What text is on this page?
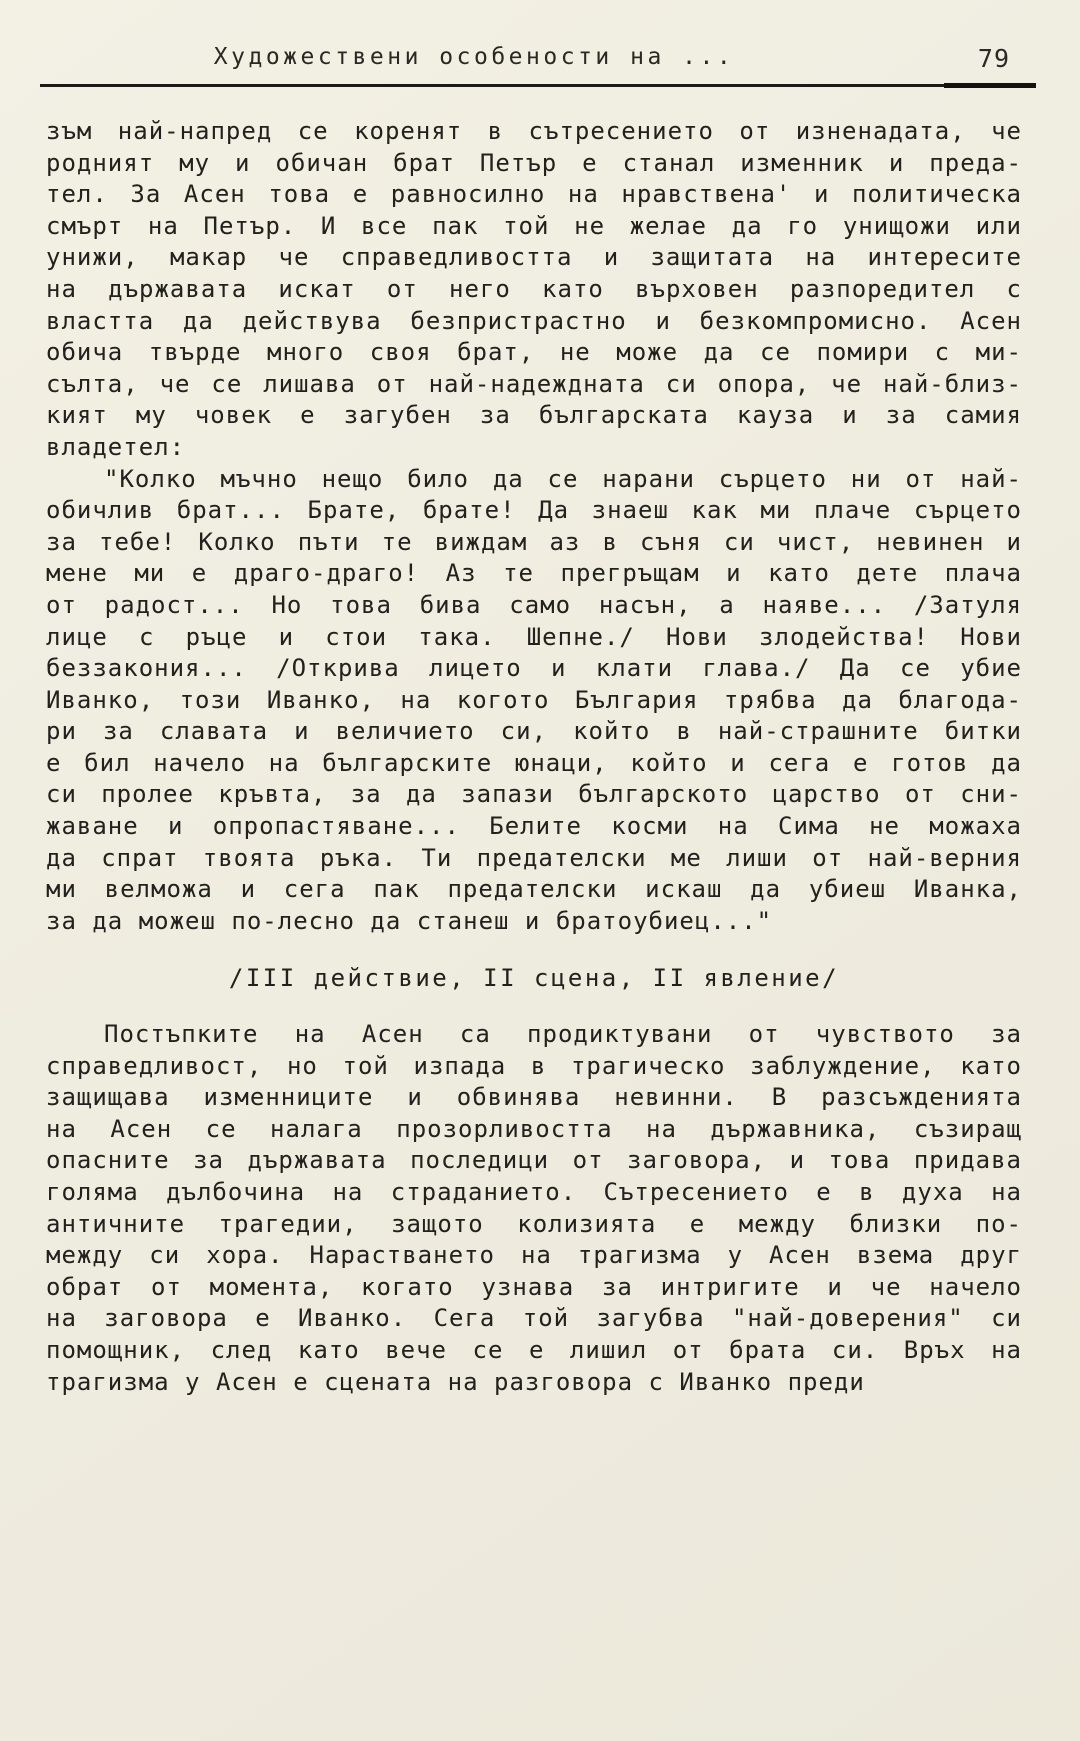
Художествени особености на ...	79
зъм най-напред се коренят в сътресението от изненадата, че
родният му и обичан брат Петър е станал изменник и преда-
тел. За Асен това е равносилно на нравствена' и политическа
смърт на Петър. И все пак той не желае да го унищожи или
унижи, макар че справедливостта и защитата на интересите
на държавата искат от него като върховен разпоредител с
властта да действува безпристрастно и безкомпромисно. Асен
обича твърде много своя брат, не може да се помири с ми-
сълта, че се лишава от най-надеждната си опора, че най-близ-
кият му човек е загубен за българската кауза и за самия
владетел:
"Колко мъчно нещо било да се нарани сърцето ни от най-
обичлив брат... Брате, брате! Да знаеш как ми плаче сърцето
за тебе! Колко пъти те виждам аз в съня си чист, невинен и
мене ми е драго-драго! Аз те прегръщам и като дете плача
от радост... Но това бива само насън, а наяве... /Затуля
лице с ръце и стои така. Шепне./ Нови злодейства! Нови
беззакония... /Открива лицето и клати глава./ Да се убие
Иванко, този Иванко, на когото България трябва да благода-
ри за славата и величието си, който в най-страшните битки
е бил начело на българските юнаци, който и сега е готов да
си пролее кръвта, за да запази българското царство от сни-
жаване и опропастяване... Белите косми на Сима не можаха
да спрат твоята ръка. Ти предателски ме лиши от най-верния
ми велможа и сега пак предателски искаш да убиеш Иванка,
за да можеш по-лесно да станеш и братоубиец..."
/III действие, II сцена, II явление/
Постъпките на Асен са продиктувани от чувството за
справедливост, но той изпада в трагическо заблуждение, като
защищава изменниците и обвинява невинни. В разсъжденията
на Асен се налага прозорливостта на държавника, съзиращ
опасните за държавата последици от заговора, и това придава
голяма дълбочина на страданието. Сътресението е в духа на
античните трагедии, защото колизията е между близки по-
между си хора. Нарастването на трагизма у Асен взема друг
обрат от момента, когато узнава за интригите и че начело
на заговора е Иванко. Сега той загубва "най-доверения" си
помощник, след като вече се е лишил от брата си. Връх на
трагизма у Асен е сцената на разговора с Иванко преди
